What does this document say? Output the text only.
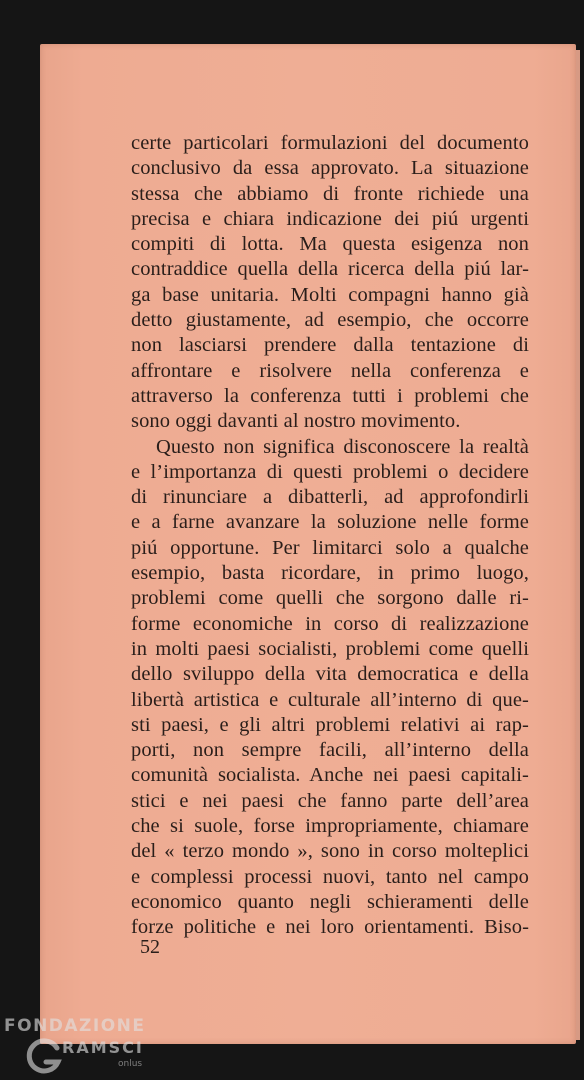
certe particolari formulazioni del documento
conclusivo da essa approvato. La situazione
stessa che abbiamo di fronte richiede una
precisa e chiara indicazione dei piú urgenti
compiti di lotta. Ma questa esigenza non
contraddice quella della ricerca della piú lar-
ga base unitaria. Molti compagni hanno già
detto giustamente, ad esempio, che occorre
non lasciarsi prendere dalla tentazione di
affrontare e risolvere nella conferenza e
attraverso la conferenza tutti i problemi che
sono oggi davanti al nostro movimento.
Questo non significa disconoscere la realtà
e l’importanza di questi problemi o decidere
di rinunciare a dibatterli, ad approfondirli
e a farne avanzare la soluzione nelle forme
piú opportune. Per limitarci solo a qualche
esempio, basta ricordare, in primo luogo,
problemi come quelli che sorgono dalle ri-
forme economiche in corso di realizzazione
in molti paesi socialisti, problemi come quelli
dello sviluppo della vita democratica e della
libertà artistica e culturale all’interno di que-
sti paesi, e gli altri problemi relativi ai rap-
porti, non sempre facili, all’interno della
comunità socialista. Anche nei paesi capitali-
stici e nei paesi che fanno parte dell’area
che si suole, forse impropriamente, chiamare
del « terzo mondo », sono in corso molteplici
e complessi processi nuovi, tanto nel campo
economico quanto negli schieramenti delle
forze politiche e nei loro orientamenti. Biso-
52
FONDAZIONE
RAMSCI
onlus
